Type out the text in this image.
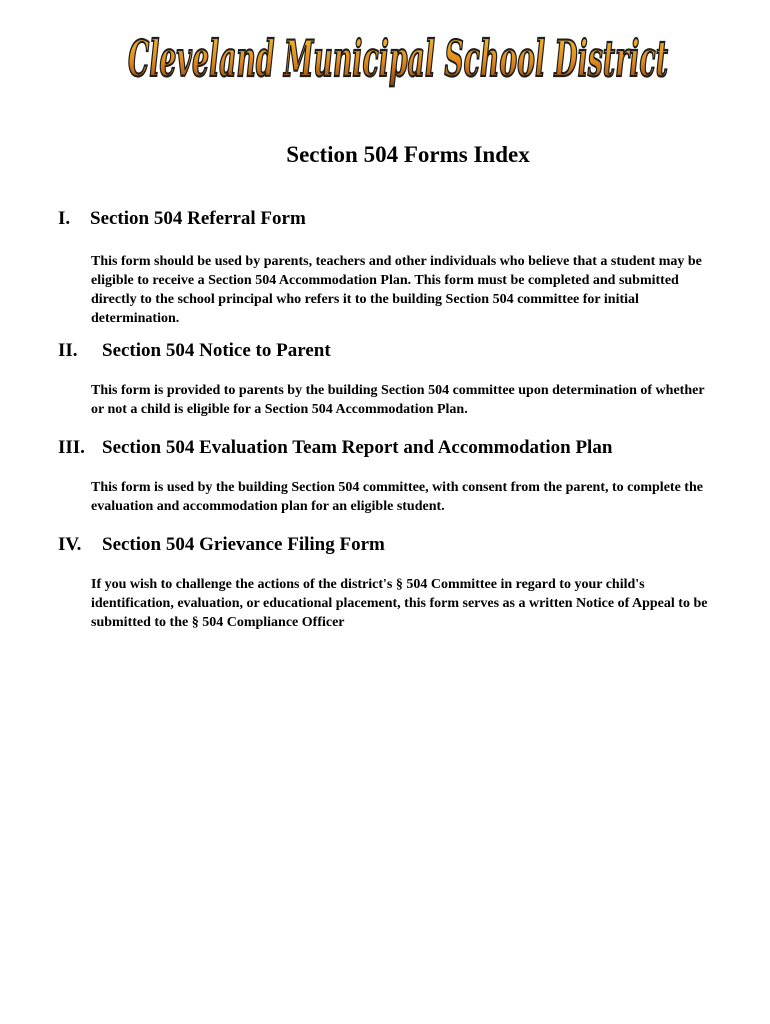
Cleveland Municipal School District
Section 504 Forms Index
I. Section 504 Referral Form

This form should be used by parents, teachers and other individuals who believe that a student may be eligible to receive a Section 504 Accommodation Plan. This form must be completed and submitted directly to the school principal who refers it to the building Section 504 committee for initial determination.

II. Section 504 Notice to Parent

This form is provided to parents by the building Section 504 committee upon determination of whether or not a child is eligible for a Section 504 Accommodation Plan.

III. Section 504 Evaluation Team Report and Accommodation Plan

This form is used by the building Section 504 committee, with consent from the parent, to complete the evaluation and accommodation plan for an eligible student.

IV. Section 504 Grievance Filing Form

If you wish to challenge the actions of the district's § 504 Committee in regard to your child's identification, evaluation, or educational placement, this form serves as a written Notice of Appeal to be submitted to the § 504 Compliance Officer
